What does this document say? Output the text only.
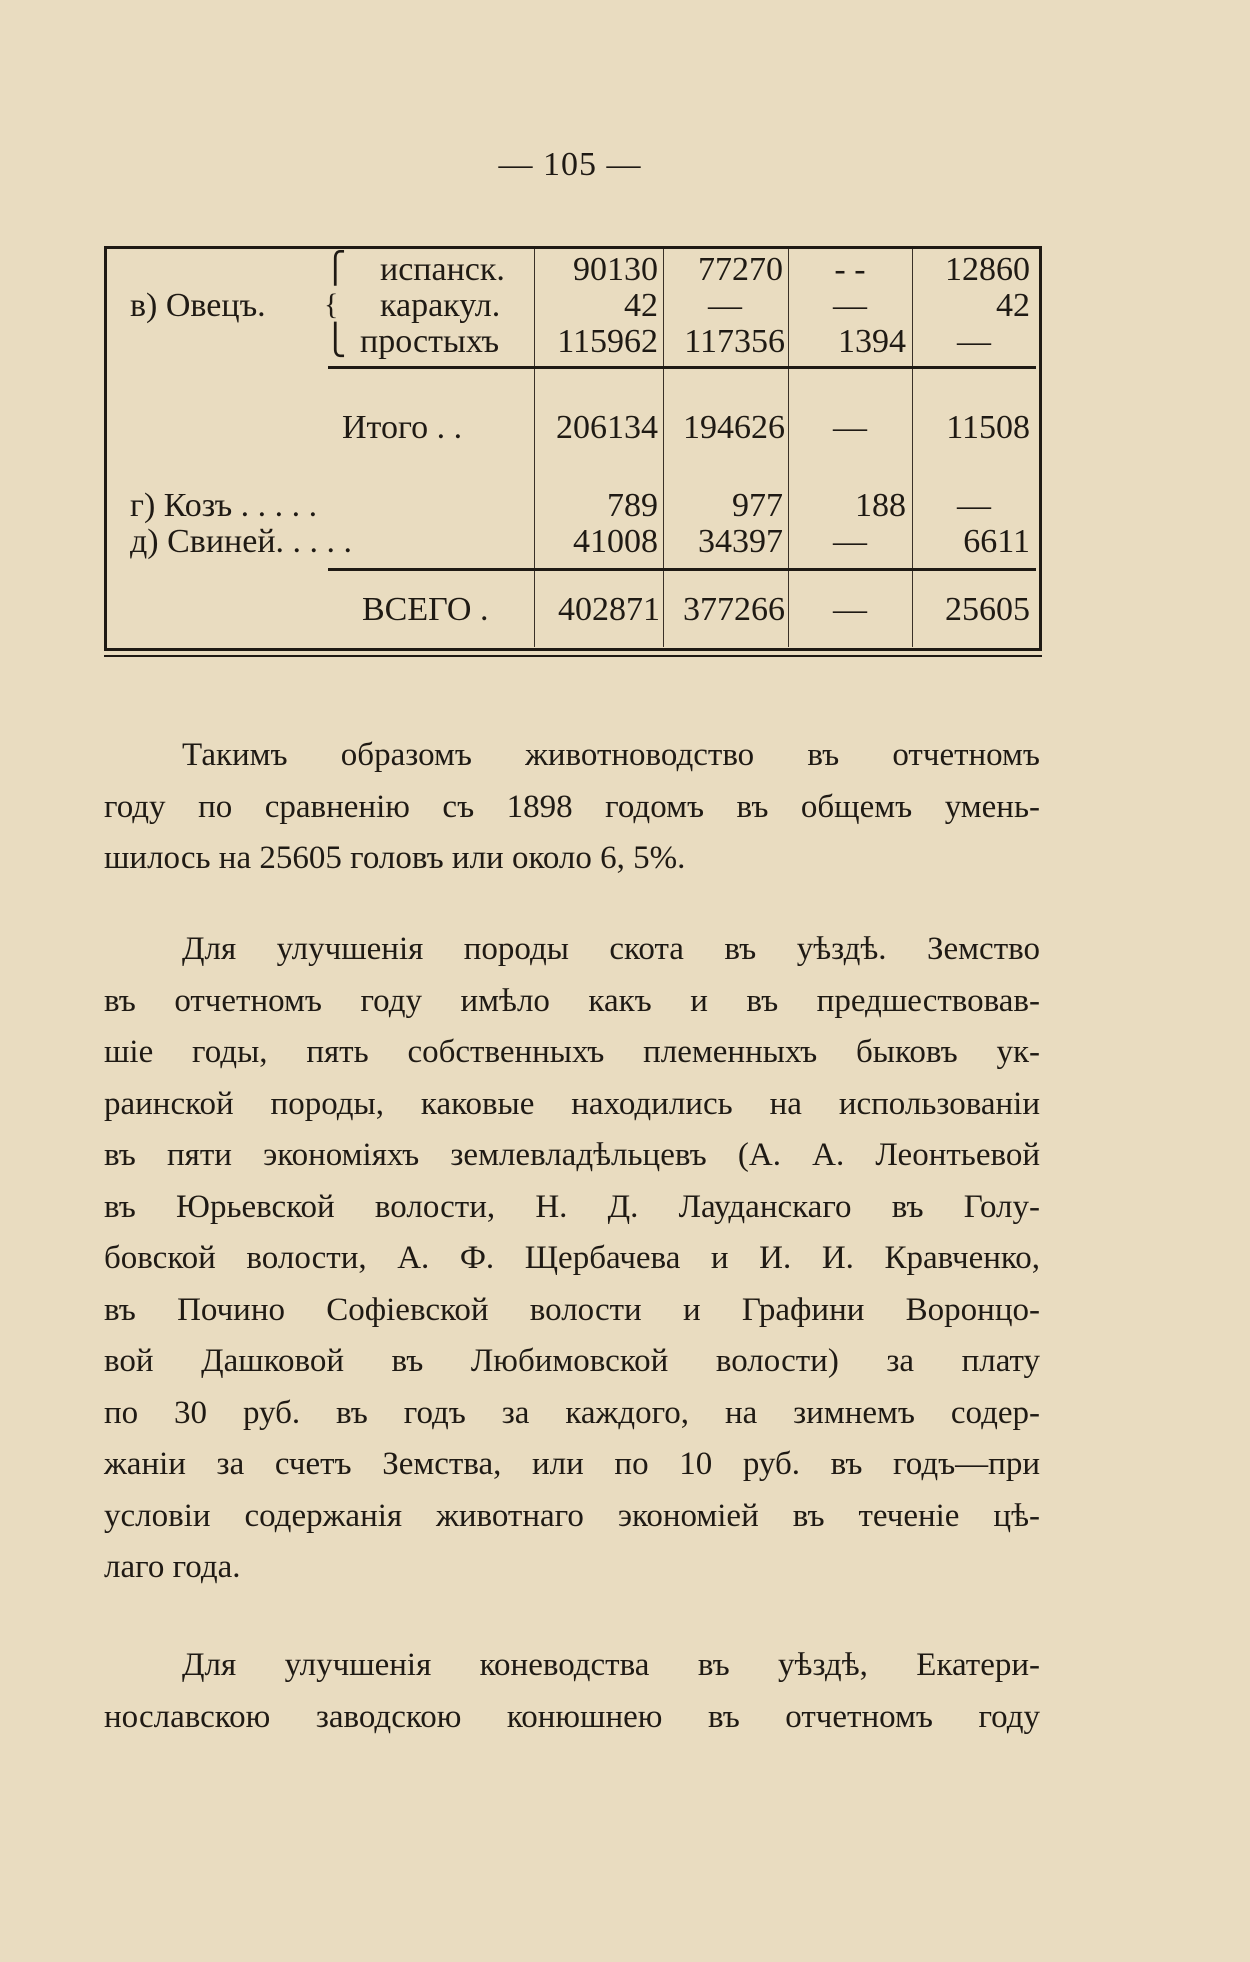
— 105 —
в) Овецъ.
⎧
{
⎩
испанск.	90130	77270	- -	12860
каракул.	42	—	—	42
простыхъ	115962 117356	1394	—
Итого . .	206134 194626	—	11508
г) Козъ . . . . .	789	977	188	—
д) Свиней. . . . .	41008	34397	—	6611
ВСЕГО .	402871 377266	—	25605
Такимъ образомъ животноводство въ отчетномъ
году по сравненію съ 1898 годомъ въ общемъ умень-
шилось на 25605 головъ или около 6, 5%.
Для улучшенія породы скота въ уѣздѣ. Земство
въ отчетномъ году имѣло какъ и въ предшествовав-
шіе годы, пять собственныхъ племенныхъ быковъ ук-
раинской породы, каковые находились на использованіи
въ пяти экономіяхъ землевладѣльцевъ (А. А. Леонтьевой
въ Юрьевской волости, Н. Д. Лауданскаго въ Голу-
бовской волости, А. Ф. Щербачева и И. И. Кравченко,
въ Почино Софіевской волости и Графини Воронцо-
вой Дашковой въ Любимовской волости) за плату
по 30 руб. въ годъ за каждого, на зимнемъ содер-
жаніи за счетъ Земства, или по 10 руб. въ годъ—при
условіи содержанія животнаго экономіей въ теченіе цѣ-
лаго года.
Для улучшенія коневодства въ уѣздѣ, Екатери-
нославскою заводскою конюшнею въ отчетномъ году
